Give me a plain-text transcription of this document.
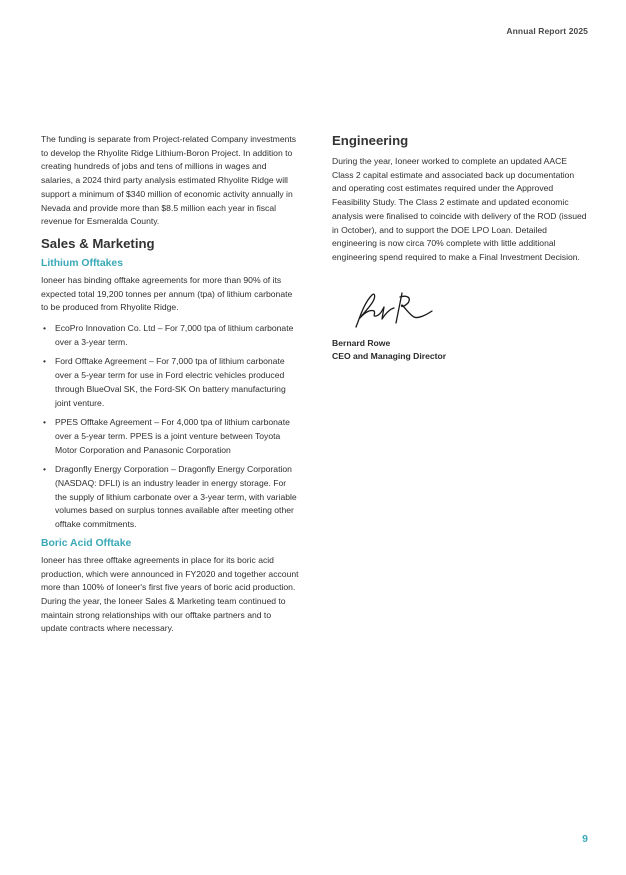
Annual Report 2025

The funding is separate from Project-related Company investments to develop the Rhyolite Ridge Lithium-Boron Project. In addition to creating hundreds of jobs and tens of millions in wages and salaries, a 2024 third party analysis estimated Rhyolite Ridge will support a minimum of $340 million of economic activity annually in Nevada and provide more than $8.5 million each year in fiscal revenue for Esmeralda County.

Sales & Marketing
Lithium Offtakes

Ioneer has binding offtake agreements for more than 90% of its expected total 19,200 tonnes per annum (tpa) of lithium carbonate to be produced from Rhyolite Ridge.

• EcoPro Innovation Co. Ltd – For 7,000 tpa of lithium carbonate over a 3-year term.
• Ford Offtake Agreement – For 7,000 tpa of lithium carbonate over a 5-year term for use in Ford electric vehicles produced through BlueOval SK, the Ford-SK On battery manufacturing joint venture.
• PPES Offtake Agreement – For 4,000 tpa of lithium carbonate over a 5-year term. PPES is a joint venture between Toyota Motor Corporation and Panasonic Corporation
• Dragonfly Energy Corporation – Dragonfly Energy Corporation (NASDAQ: DFLI) is an industry leader in energy storage. For the supply of lithium carbonate over a 3-year term, with variable volumes based on surplus tonnes available after meeting other offtake commitments.
Boric Acid Offtake

Ioneer has three offtake agreements in place for its boric acid production, which were announced in FY2020 and together account more than 100% of Ioneer's first five years of boric acid production. During the year, the Ioneer Sales & Marketing team continued to maintain strong relationships with our offtake partners and to update contracts where necessary.

Engineering

During the year, Ioneer worked to complete an updated AACE Class 2 capital estimate and associated back up documentation and operating cost estimates required under the Approved Feasibility Study. The Class 2 estimate and updated economic analysis were finalised to coincide with delivery of the ROD (issued in October), and to support the DOE LPO Loan. Detailed engineering is now circa 70% complete with little additional engineering spend required to make a Final Investment Decision.

Bernard Rowe
CEO and Managing Director
9
